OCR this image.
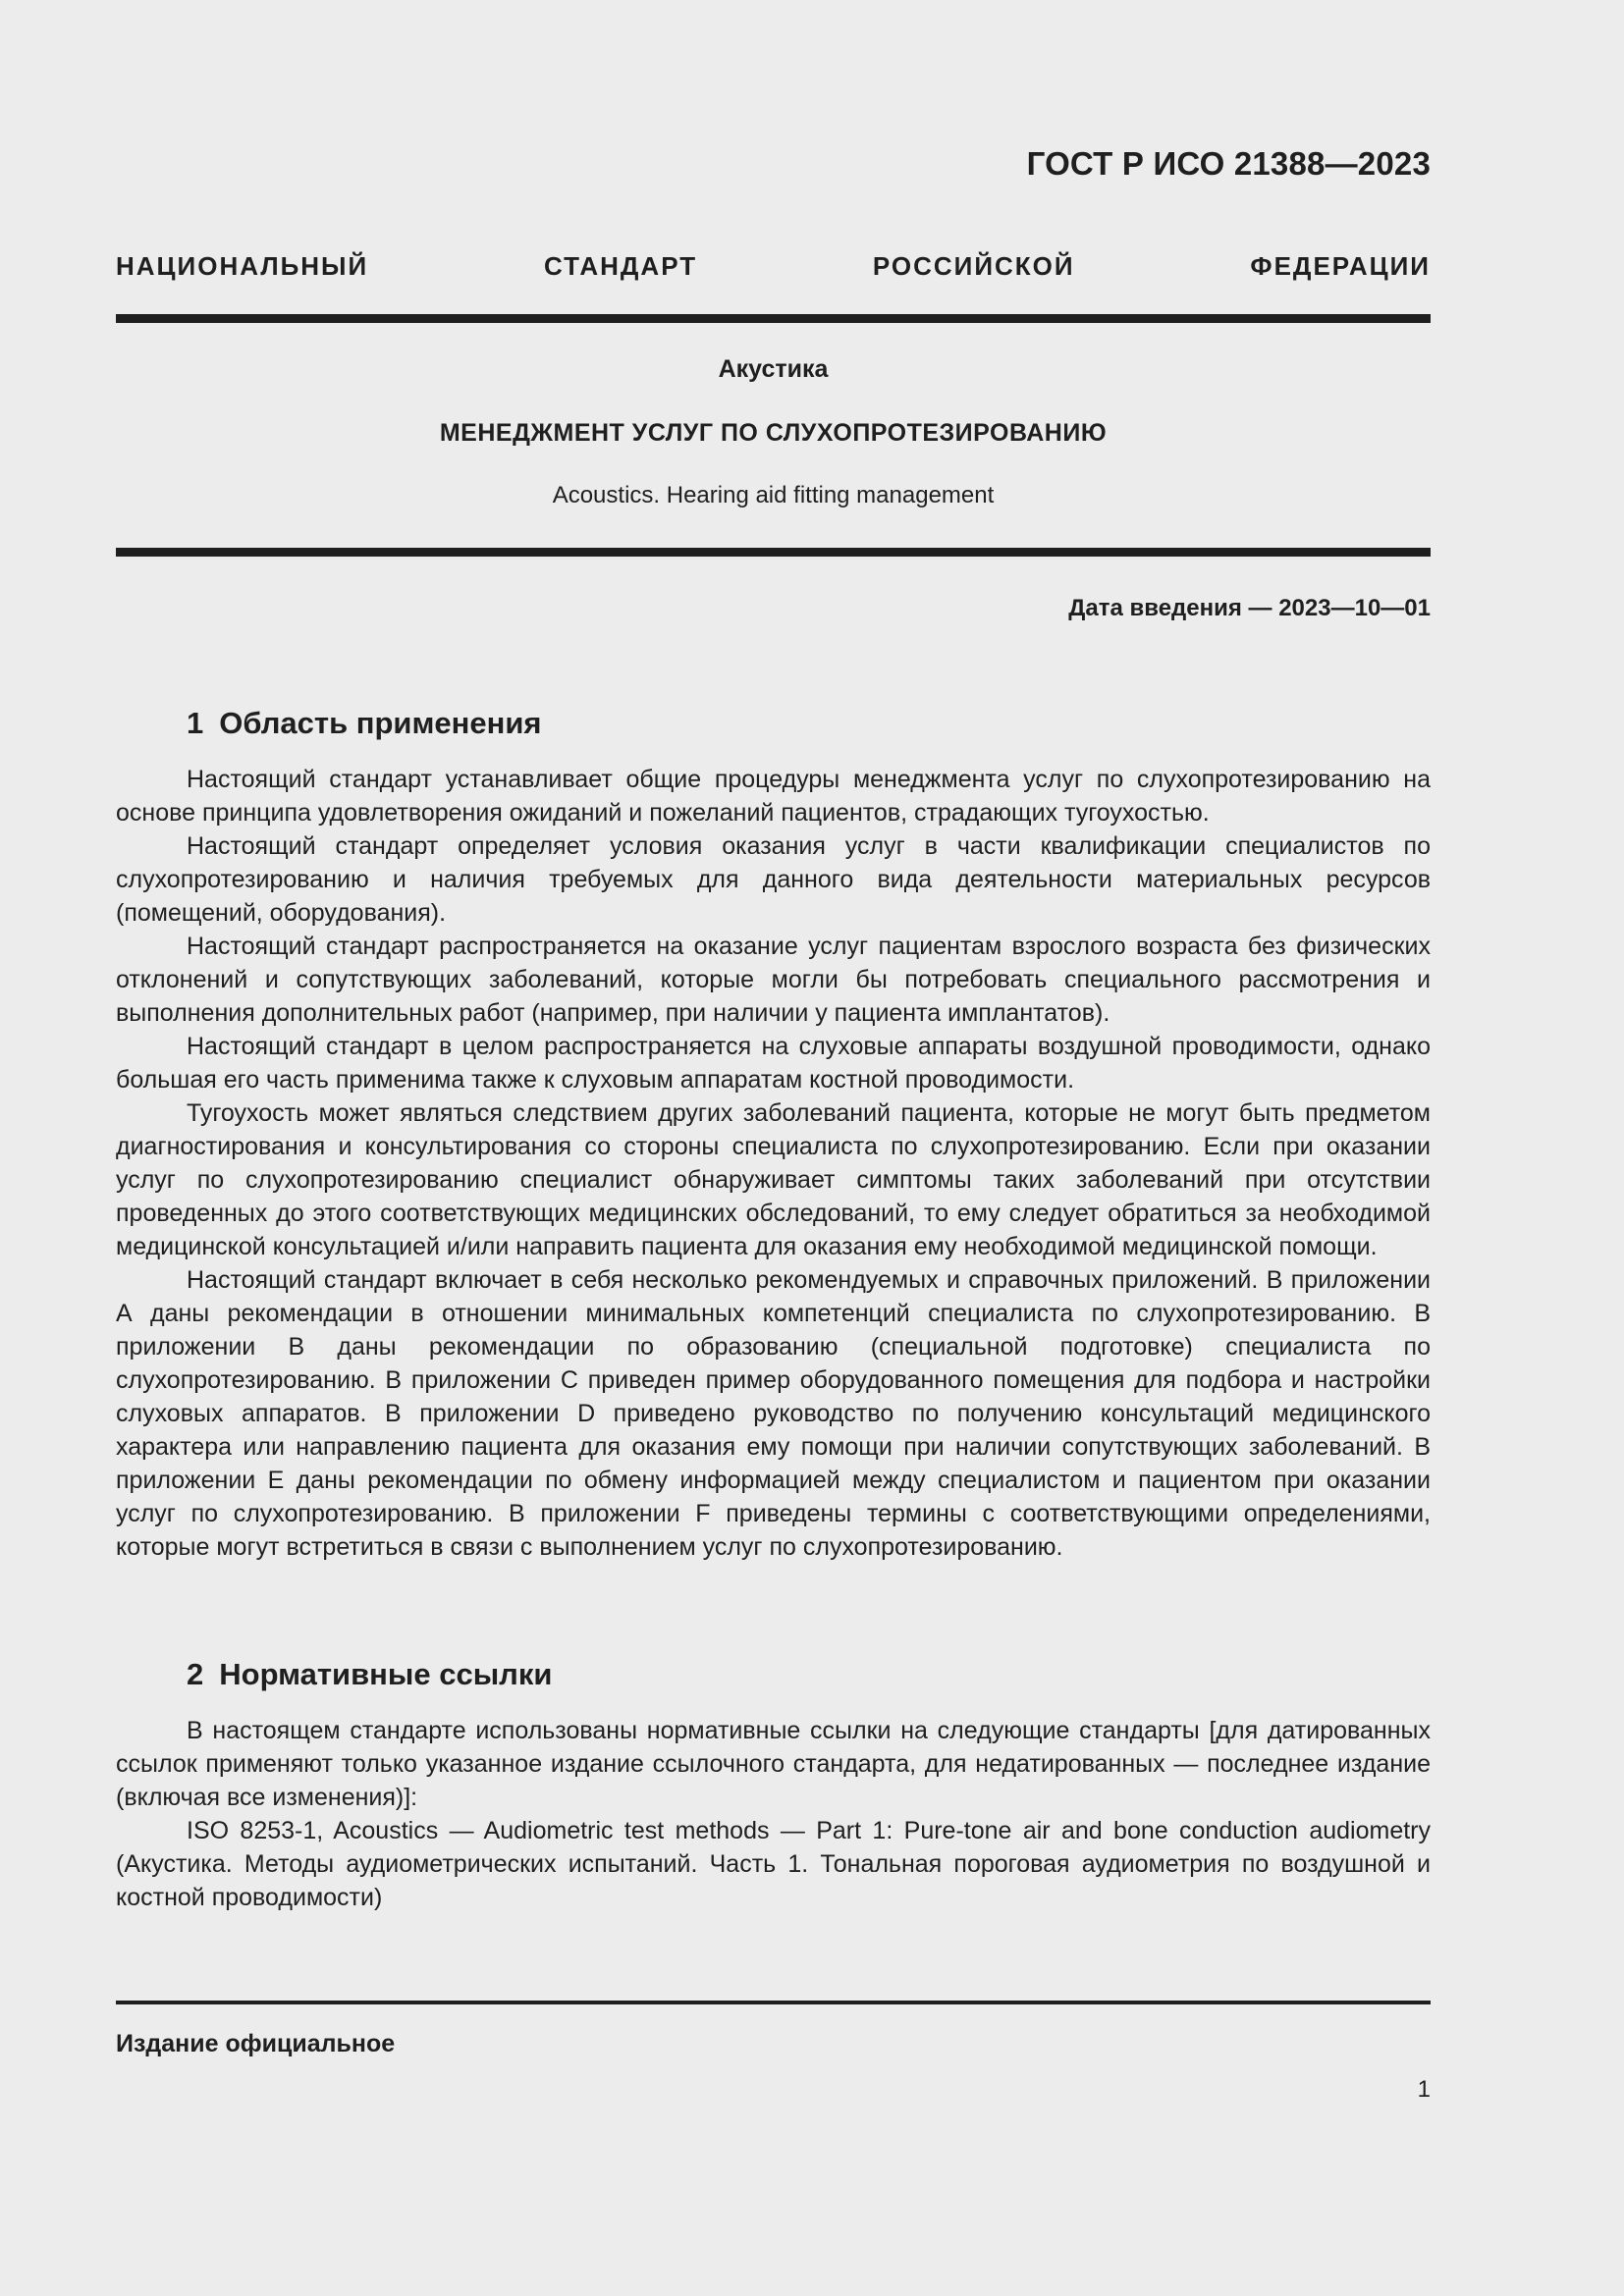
ГОСТ Р ИСО 21388—2023
НАЦИОНАЛЬНЫЙ СТАНДАРТ РОССИЙСКОЙ ФЕДЕРАЦИИ
Акустика
МЕНЕДЖМЕНТ УСЛУГ ПО СЛУХОПРОТЕЗИРОВАНИЮ
Acoustics. Hearing aid fitting management
Дата введения — 2023—10—01
1 Область применения

Настоящий стандарт устанавливает общие процедуры менеджмента услуг по слухопротезированию на основе принципа удовлетворения ожиданий и пожеланий пациентов, страдающих тугоухостью.

Настоящий стандарт определяет условия оказания услуг в части квалификации специалистов по слухопротезированию и наличия требуемых для данного вида деятельности материальных ресурсов (помещений, оборудования).

Настоящий стандарт распространяется на оказание услуг пациентам взрослого возраста без физических отклонений и сопутствующих заболеваний, которые могли бы потребовать специального рассмотрения и выполнения дополнительных работ (например, при наличии у пациента имплантатов).

Настоящий стандарт в целом распространяется на слуховые аппараты воздушной проводимости, однако большая его часть применима также к слуховым аппаратам костной проводимости.

Тугоухость может являться следствием других заболеваний пациента, которые не могут быть предметом диагностирования и консультирования со стороны специалиста по слухопротезированию. Если при оказании услуг по слухопротезированию специалист обнаруживает симптомы таких заболеваний при отсутствии проведенных до этого соответствующих медицинских обследований, то ему следует обратиться за необходимой медицинской консультацией и/или направить пациента для оказания ему необходимой медицинской помощи.

Настоящий стандарт включает в себя несколько рекомендуемых и справочных приложений. В приложении А даны рекомендации в отношении минимальных компетенций специалиста по слухопротезированию. В приложении В даны рекомендации по образованию (специальной подготовке) специалиста по слухопротезированию. В приложении С приведен пример оборудованного помещения для подбора и настройки слуховых аппаратов. В приложении D приведено руководство по получению консультаций медицинского характера или направлению пациента для оказания ему помощи при наличии сопутствующих заболеваний. В приложении Е даны рекомендации по обмену информацией между специалистом и пациентом при оказании услуг по слухопротезированию. В приложении F приведены термины с соответствующими определениями, которые могут встретиться в связи с выполнением услуг по слухопротезированию.

2 Нормативные ссылки

В настоящем стандарте использованы нормативные ссылки на следующие стандарты [для датированных ссылок применяют только указанное издание ссылочного стандарта, для недатированных — последнее издание (включая все изменения)]:

ISO 8253-1, Acoustics — Audiometric test methods — Part 1: Pure-tone air and bone conduction audiometry (Акустика. Методы аудиометрических испытаний. Часть 1. Тональная пороговая аудиометрия по воздушной и костной проводимости)

Издание официальное
1
